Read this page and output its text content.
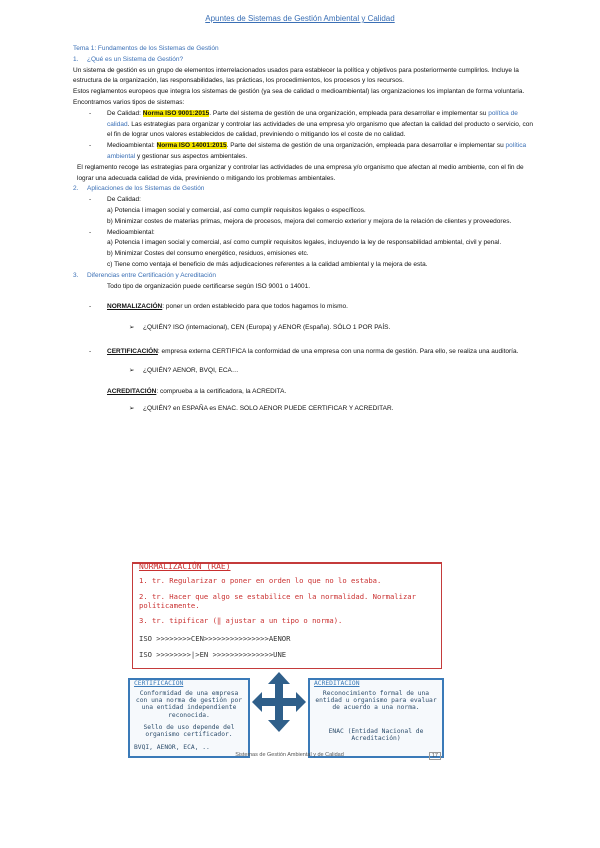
Apuntes de Sistemas de Gestión Ambiental y Calidad

Tema 1: Fundamentos de los Sistemas de Gestión

1. ¿Qué es un Sistema de Gestión?

Un sistema de gestión es un grupo de elementos interrelacionados usados para establecer la política y objetivos para posteriormente cumplirlos. Incluye la estructura de la organización, las responsabilidades, las prácticas, los procedimientos, los procesos y los recursos.

Estos reglamentos europeos que integra los sistemas de gestión (ya sea de calidad o medioambiental) las organizaciones los implantan de forma voluntaria.

Encontramos varios tipos de sistemas:

- De Calidad: Norma ISO 9001:2015. Parte del sistema de gestión de una organización, empleada para desarrollar e implementar su política de calidad. Las estrategias para organizar y controlar las actividades de una empresa y/o organismo que afectan la calidad del producto o servicio, con el fin de lograr unos valores establecidos de calidad, previniendo o mitigando los el coste de no calidad.

- Medioambiental: Norma ISO 14001:2015. Parte del sistema de gestión de una organización, empleada para desarrollar e implementar su política ambiental y gestionar sus aspectos ambientales.

El reglamento recoge las estrategias para organizar y controlar las actividades de una empresa y/o organismo que afectan al medio ambiente, con el fin de lograr una adecuada calidad de vida, previniendo o mitigando los problemas ambientales.

2. Aplicaciones de los Sistemas de Gestión

- De Calidad:

a) Potencia l imagen social y comercial, así como cumplir requisitos legales o específicos.

b) Minimizar costes de materias primas, mejora de procesos, mejora del comercio exterior y mejora de la relación de clientes y proveedores.

- Medioambiental:

a) Potencia l imagen social y comercial, así como cumplir requisitos legales, incluyendo la ley de responsabilidad ambiental, civil y penal.

b) Minimizar Costes del consumo energético, residuos, emisiones etc.

c) Tiene como ventaja el beneficio de más adjudicaciones referentes a la calidad ambiental y la mejora de esta.

3. Diferencias entre Certificación y Acreditación

Todo tipo de organización puede certificarse según ISO 9001 o 14001.

- NORMALIZACIÓN: poner un orden establecido para que todos hagamos lo mismo.

➢ ¿QUIÉN? ISO (internacional), CEN (Europa) y AENOR (España). SÓLO 1 POR PAÍS.

- CERTIFICACIÓN: empresa externa CERTIFICA la conformidad de una empresa con una norma de gestión. Para ello, se realiza una auditoría.

➢ ¿QUIÉN? AENOR, BVQI, ECA…

ACREDITACIÓN: comprueba a la certificadora, la ACREDITA.

➢ ¿QUIÉN? en ESPAÑA es ENAC. SOLO AENOR PUEDE CERTIFICAR Y ACREDITAR.

NORMALIZACIÓN (RAE)
1. tr. Regularizar o poner en orden lo que no lo estaba.
2. tr. Hacer que algo se estabilice en la normalidad. Normalizar políticamente.
3. tr. tipificar (‖ ajustar a un tipo o norma).
ISO >>>>>>>>CEN>>>>>>>>>>>>>>>AENOR
ISO >>>>>>>>|>EN >>>>>>>>>>>>>>UNE
CERTIFICACIÓN
Conformidad de una empresa con una norma de gestión por una entidad independiente reconocida.
Sello de uso depende del organismo certificador.
BVQI, AENOR, ECA, ..
ACREDITACIÓN
Reconocimiento formal de una entidad u organismo para evaluar de acuerdo a una norma.
ENAC (Entidad Nacional de Acreditación)
Sistemas de Gestión Ambiental y de Calidad	17
